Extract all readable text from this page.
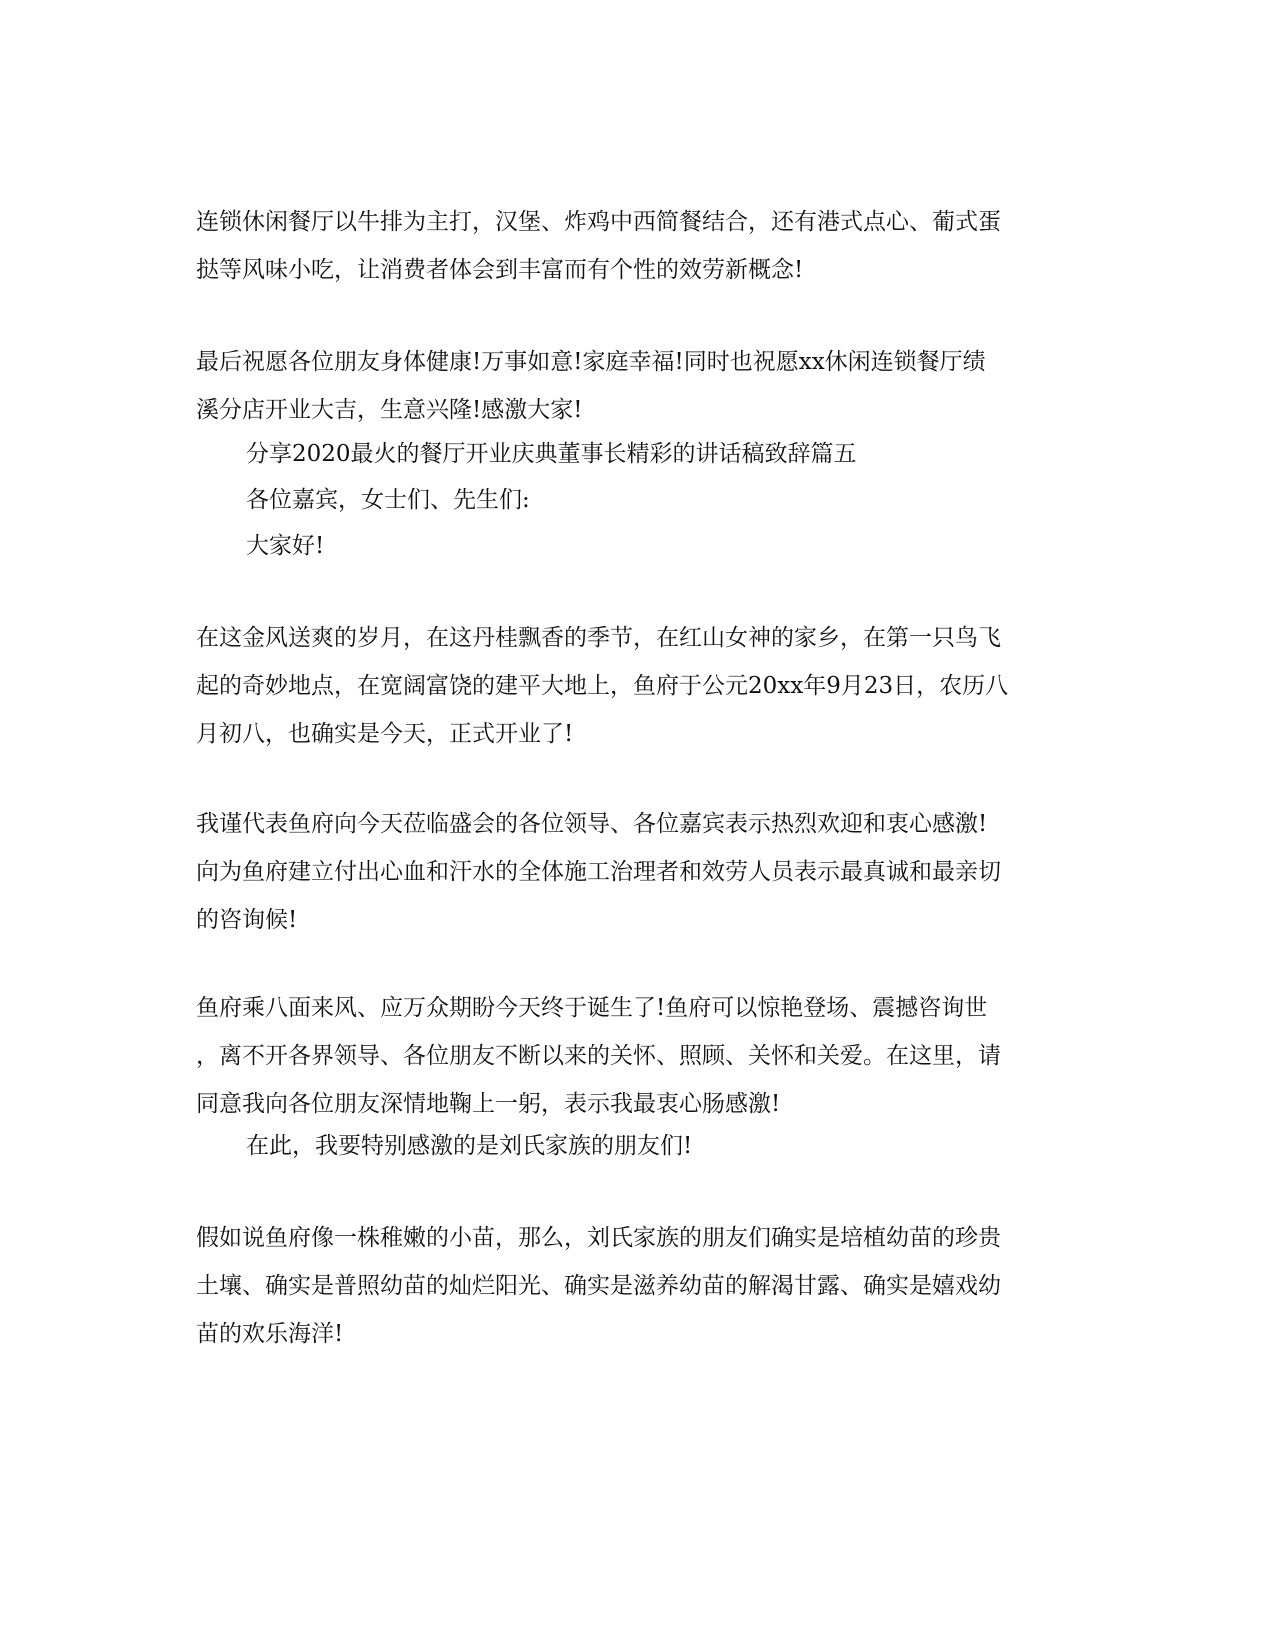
连锁休闲餐厅以牛排为主打，汉堡、炸鸡中西简餐结合，还有港式点心、葡式蛋
挞等风味小吃，让消费者体会到丰富而有个性的效劳新概念!
最后祝愿各位朋友身体健康!万事如意!家庭幸福!同时也祝愿xx休闲连锁餐厅绩
溪分店开业大吉，生意兴隆!感激大家!
分享2020最火的餐厅开业庆典董事长精彩的讲话稿致辞篇五
各位嘉宾，女士们、先生们:
大家好!
在这金风送爽的岁月，在这丹桂飘香的季节，在红山女神的家乡，在第一只鸟飞
起的奇妙地点，在宽阔富饶的建平大地上，鱼府于公元20xx年9月23日，农历八
月初八，也确实是今天，正式开业了!
我谨代表鱼府向今天莅临盛会的各位领导、各位嘉宾表示热烈欢迎和衷心感激!
向为鱼府建立付出心血和汗水的全体施工治理者和效劳人员表示最真诚和最亲切
的咨询候!
鱼府乘八面来风、应万众期盼今天终于诞生了!鱼府可以惊艳登场、震撼咨询世
，离不开各界领导、各位朋友不断以来的关怀、照顾、关怀和关爱。在这里，请
同意我向各位朋友深情地鞠上一躬，表示我最衷心肠感激!
在此，我要特别感激的是刘氏家族的朋友们!
假如说鱼府像一株稚嫩的小苗，那么，刘氏家族的朋友们确实是培植幼苗的珍贵
土壤、确实是普照幼苗的灿烂阳光、确实是滋养幼苗的解渴甘露、确实是嬉戏幼
苗的欢乐海洋!
